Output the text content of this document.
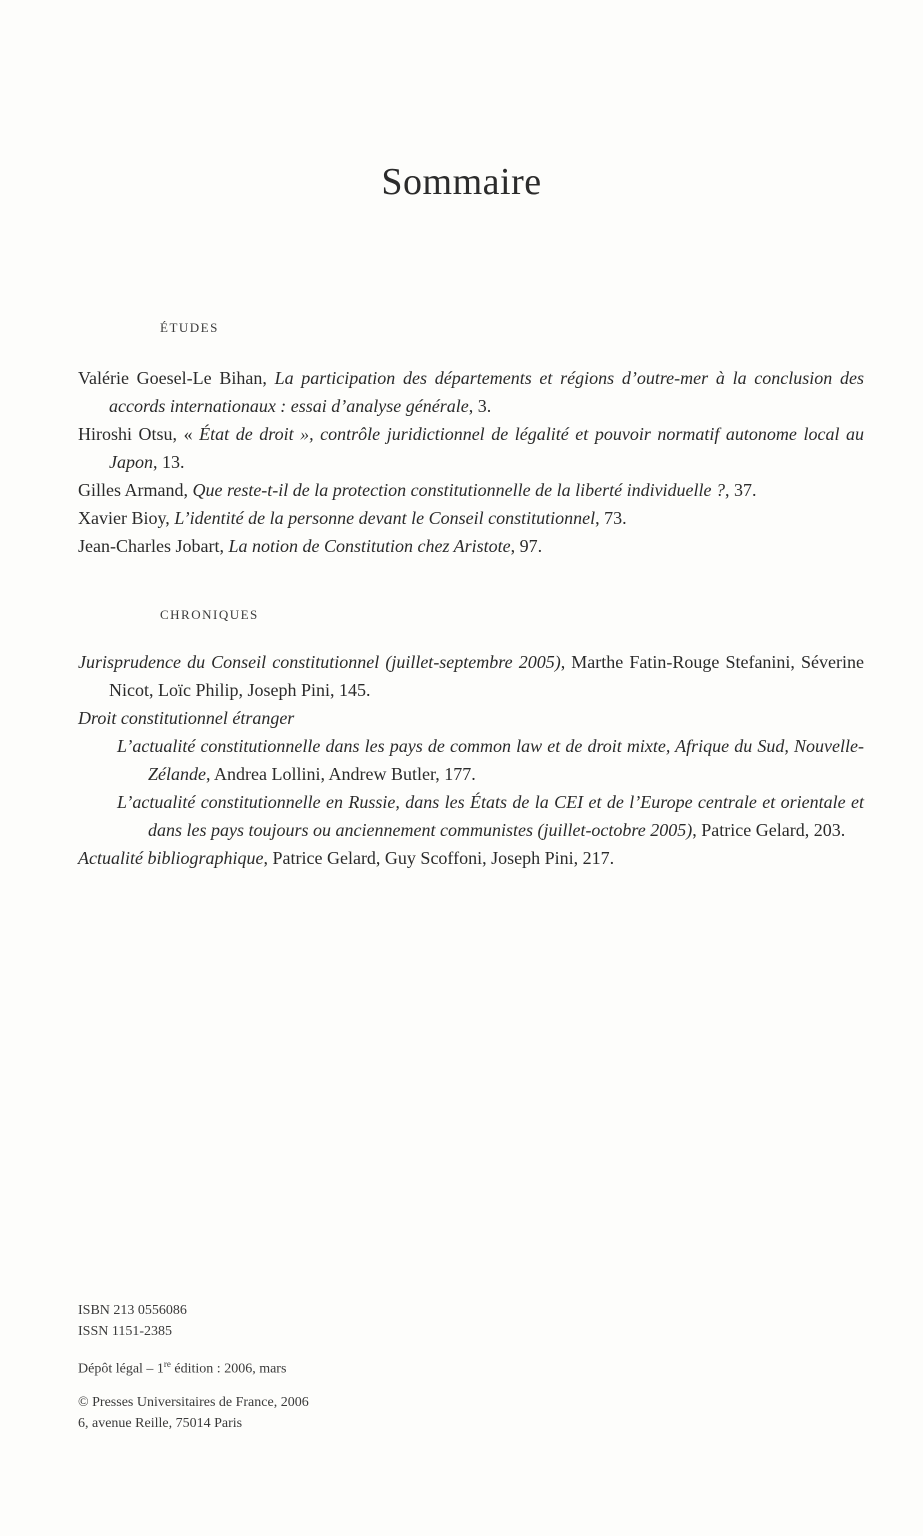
Sommaire
ÉTUDES
Valérie Goesel-Le Bihan, La participation des départements et régions d’outre-mer à la conclusion des accords internationaux : essai d’analyse générale, 3.
Hiroshi Otsu, « État de droit », contrôle juridictionnel de légalité et pouvoir normatif autonome local au Japon, 13.
Gilles Armand, Que reste-t-il de la protection constitutionnelle de la liberté individuelle ?, 37.
Xavier Bioy, L’identité de la personne devant le Conseil constitutionnel, 73.
Jean-Charles Jobart, La notion de Constitution chez Aristote, 97.
CHRONIQUES
Jurisprudence du Conseil constitutionnel (juillet-septembre 2005), Marthe Fatin-Rouge Stefanini, Séverine Nicot, Loïc Philip, Joseph Pini, 145.
Droit constitutionnel étranger
L’actualité constitutionnelle dans les pays de common law et de droit mixte, Afrique du Sud, Nouvelle-Zélande, Andrea Lollini, Andrew Butler, 177.
L’actualité constitutionnelle en Russie, dans les États de la CEI et de l’Europe centrale et orientale et dans les pays toujours ou anciennement communistes (juillet-octobre 2005), Patrice Gelard, 203.
Actualité bibliographique, Patrice Gelard, Guy Scoffoni, Joseph Pini, 217.
ISBN 213 0556086
ISSN 1151-2385
Dépôt légal – 1re édition : 2006, mars
© Presses Universitaires de France, 2006
6, avenue Reille, 75014 Paris
